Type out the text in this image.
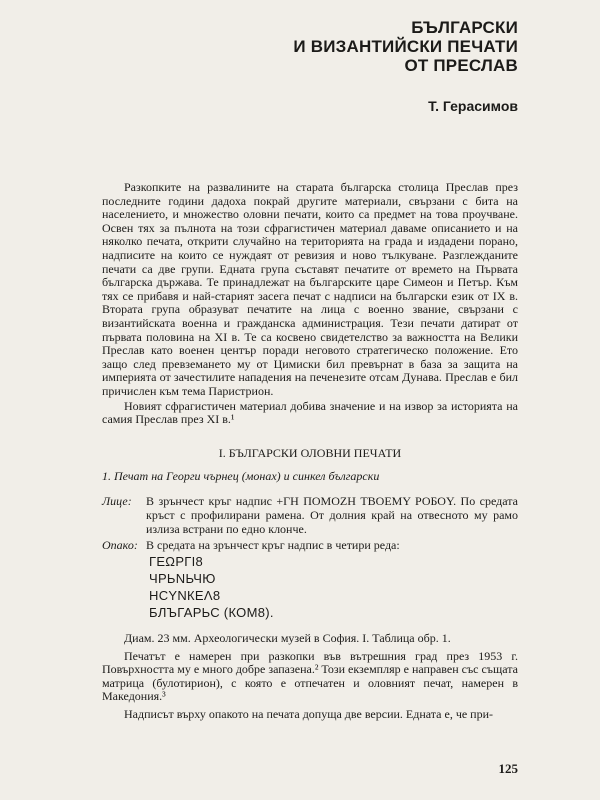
БЪЛГАРСКИ
И ВИЗАНТИЙСКИ ПЕЧАТИ
ОТ ПРЕСЛАВ
Т. Герасимов

Разкопките на развалините на старата българска столица Преслав през последните години дадоха покрай другите материали, свързани с бита на населението, и множество оловни печати, които са предмет на това проучване. Освен тях за пълнота на този сфрагистичен материал даваме описанието и на няколко печата, открити случайно на територията на града и издадени порано, надписите на които се нуждаят от ревизия и ново тълкуване. Разглежданите печати са две групи. Едната група съставят печатите от времето на Първата българска държава. Те принадлежат на българските царе Симеон и Петър. Към тях се прибавя и най-старият засега печат с надписи на български език от IX в. Втората група образуват печатите на лица с военно звание, свързани с византийската военна и гражданска администрация. Тези печати датират от първата половина на XI в. Те са косвено свидетелство за важността на Велики Преслав като военен център поради неговото стратегическо положение. Ето защо след превземането му от Цимиски бил превърнат в база за защита на империята от зачестилите нападения на печенезите отсам Дунава. Преслав е бил причислен към тема Паристрион.

Новият сфрагистичен материал добива значение и на извор за историята на самия Преслав през XI в.¹

I. БЪЛГАРСКИ ОЛОВНИ ПЕЧАТИ
1. Печат на Георги чърнец (монах) и синкел български
Лице:	В зрънчест кръг надпис +ГН ПОМОZН ТВОЕМY РОБОY. По средата кръст с профилирани рамена. От долния край на отвесното му рамо излиза встрани по едно клонче.
Опако: В средата на зрънчест кръг надпис в четири реда:
ГЕΩРГІ8
ЧРЬΝЬЧЮ
НСYNКЕΛ8
БЛЪГАРЬС (КОМ8).

Диам. 23 мм. Археологически музей в София. I. Таблица обр. 1.

Печатът е намерен при разкопки във вътрешния град през 1953 г. Повърхността му е много добре запазена.² Този екземпляр е направен със същата матрица (булотирион), с която е отпечатен и оловният печат, намерен в Македония.³

Надписът върху опакото на печата допуща две версии. Едната е, че при-

125
